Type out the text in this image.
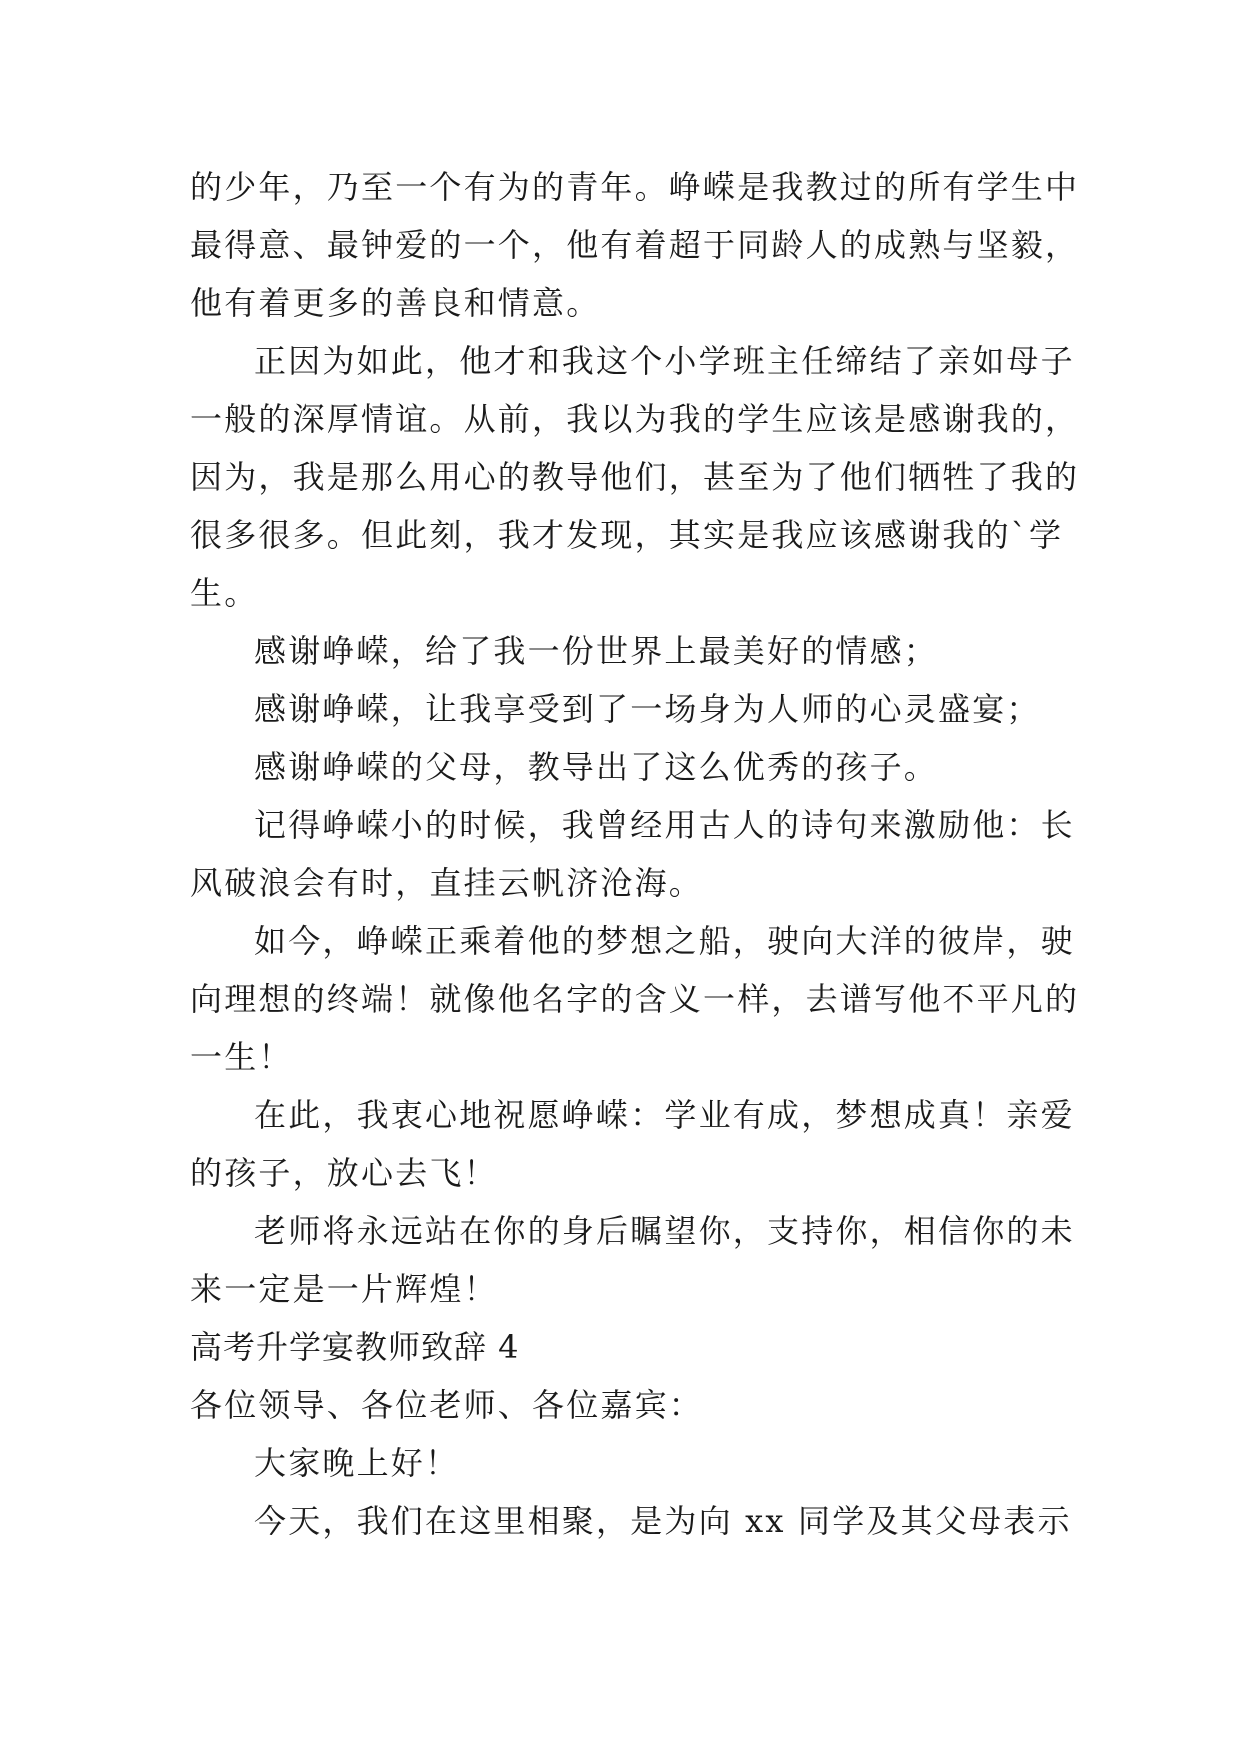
的少年，乃至一个有为的青年。峥嵘是我教过的所有学生中
最得意、最钟爱的一个，他有着超于同龄人的成熟与坚毅，
他有着更多的善良和情意。
正因为如此，他才和我这个小学班主任缔结了亲如母子
一般的深厚情谊。从前，我以为我的学生应该是感谢我的，
因为，我是那么用心的教导他们，甚至为了他们牺牲了我的
很多很多。但此刻，我才发现，其实是我应该感谢我的`学
生。
感谢峥嵘，给了我一份世界上最美好的情感；
感谢峥嵘，让我享受到了一场身为人师的心灵盛宴；
感谢峥嵘的父母，教导出了这么优秀的孩子。
记得峥嵘小的时候，我曾经用古人的诗句来激励他：长
风破浪会有时，直挂云帆济沧海。
如今，峥嵘正乘着他的梦想之船，驶向大洋的彼岸，驶
向理想的终端！就像他名字的含义一样，去谱写他不平凡的
一生！
在此，我衷心地祝愿峥嵘：学业有成，梦想成真！亲爱
的孩子，放心去飞！
老师将永远站在你的身后瞩望你，支持你，相信你的未
来一定是一片辉煌！
高考升学宴教师致辞 4
各位领导、各位老师、各位嘉宾：
大家晚上好！
今天，我们在这里相聚，是为向 xx 同学及其父母表示
